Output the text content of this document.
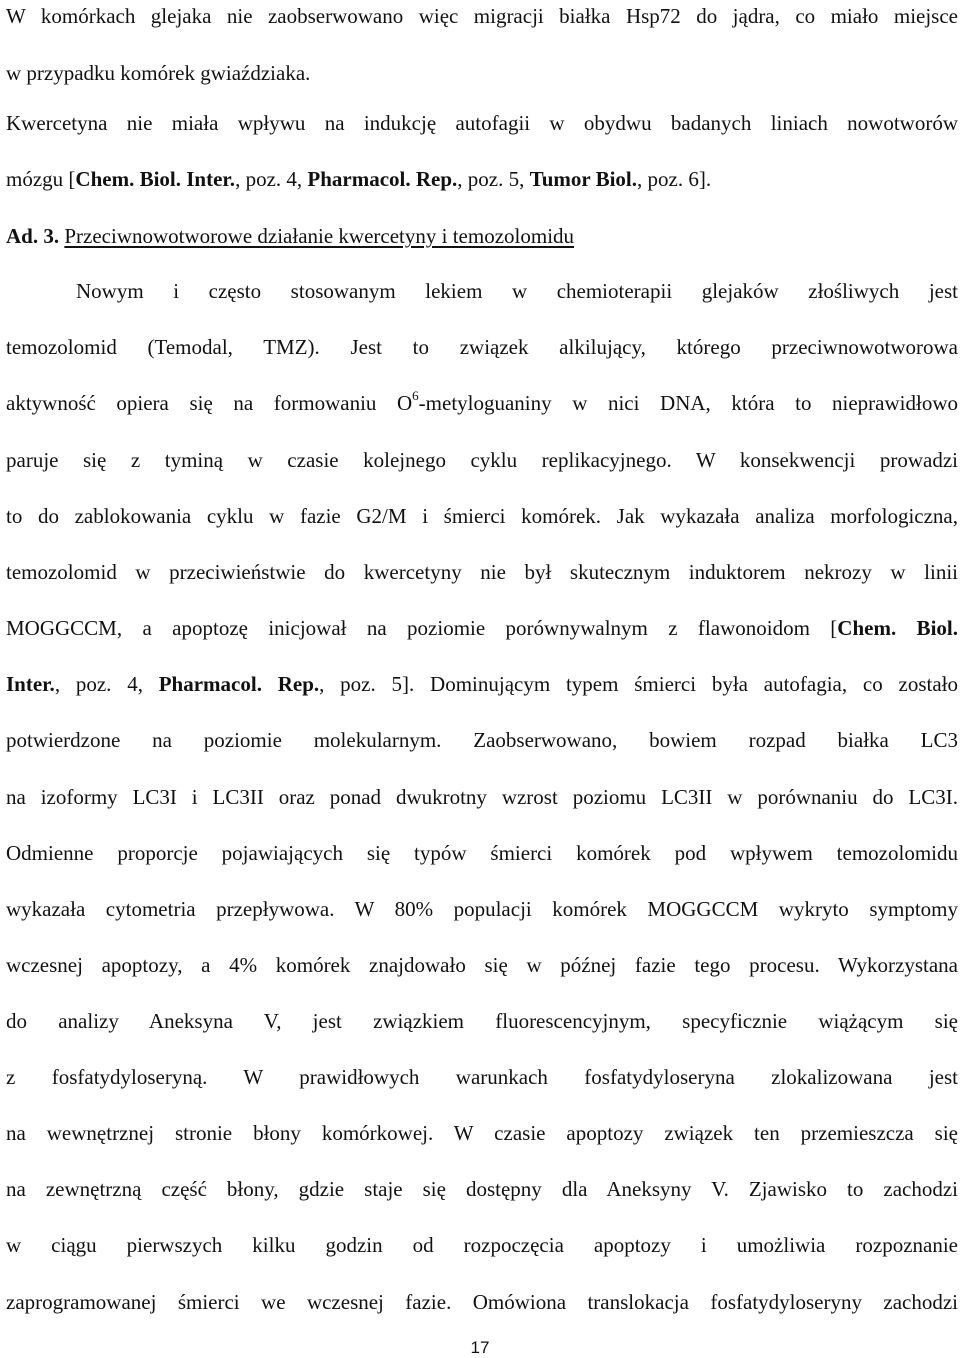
W komórkach glejaka nie zaobserwowano więc migracji białka Hsp72 do jądra, co miało miejsce
w przypadku komórek gwiaździaka.
Kwercetyna nie miała wpływu na indukcję autofagii w obydwu badanych liniach nowotworów
mózgu [Chem. Biol. Inter., poz. 4, Pharmacol. Rep., poz. 5, Tumor Biol., poz. 6].
Ad. 3. Przeciwnowotworowe działanie kwercetyny i temozolomidu
Nowym i często stosowanym lekiem w chemioterapii glejaków złośliwych jest
temozolomid (Temodal, TMZ). Jest to związek alkilujący, którego przeciwnowotworowa
aktywność opiera się na formowaniu $O^6$-metyloguaniny w nici DNA, która to nieprawidłowo
paruje się z tyminą w czasie kolejnego cyklu replikacyjnego. W konsekwencji prowadzi
to do zablokowania cyklu w fazie G2/M i śmierci komórek. Jak wykazała analiza morfologiczna,
temozolomid w przeciwieństwie do kwercetyny nie był skutecznym induktorem nekrozy w linii
MOGGCCM, a apoptozę inicjował na poziomie porównywalnym z flawonoidom [Chem. Biol.
Inter., poz. 4, Pharmacol. Rep., poz. 5]. Dominującym typem śmierci była autofagia, co zostało
potwierdzone na poziomie molekularnym. Zaobserwowano, bowiem rozpad białka LC3
na izoformy LC3I i LC3II oraz ponad dwukrotny wzrost poziomu LC3II w porównaniu do LC3I.
Odmienne proporcje pojawiających się typów śmierci komórek pod wpływem temozolomidu
wykazała cytometria przepływowa. W 80% populacji komórek MOGGCCM wykryto symptomy
wczesnej apoptozy, a 4% komórek znajdowało się w późnej fazie tego procesu. Wykorzystana
do analizy Aneksyna V, jest związkiem fluorescencyjnym, specyficznie wiążącym się
z fosfatydyloseryną. W prawidłowych warunkach fosfatydyloseryna zlokalizowana jest
na wewnętrznej stronie błony komórkowej. W czasie apoptozy związek ten przemieszcza się
na zewnętrzną część błony, gdzie staje się dostępny dla Aneksyny V. Zjawisko to zachodzi
w ciągu pierwszych kilku godzin od rozpoczęcia apoptozy i umożliwia rozpoznanie
zaprogramowanej śmierci we wczesnej fazie. Omówiona translokacja fosfatydyloseryny zachodzi
17
